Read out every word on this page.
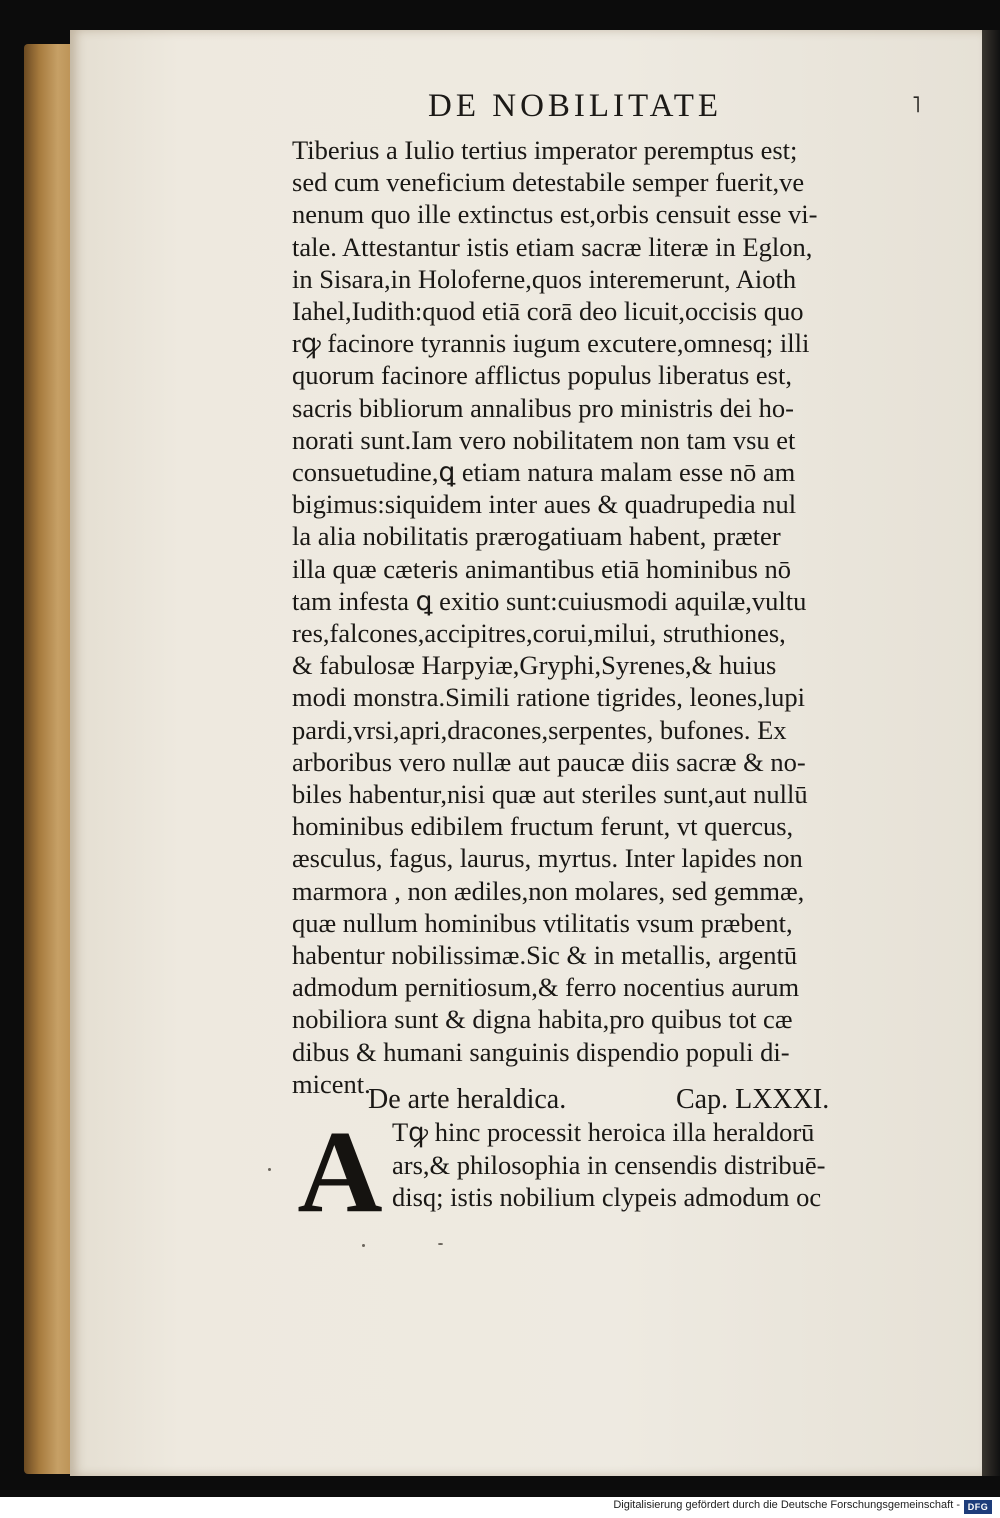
DE NOBILITATE	˥
Tiberius a Iulio tertius imperator peremptus est;
sed cum veneficium detestabile semper fuerit,ve
nenum quo ille extinctus est,orbis censuit esse vi-
tale. Attestantur istis etiam sacræ literæ in Eglon,
in Sisara,in Holoferne,quos interemerunt, Aioth
Iahel,Iudith:quod etiā corā deo licuit,occisis quo
rꝙ facinore tyrannis iugum excutere,omnesq; illi
quorum facinore afflictus populus liberatus est,
sacris bibliorum annalibus pro ministris dei ho-
norati sunt.Iam vero nobilitatem non tam vsu et
consuetudine,ꝗ etiam natura malam esse nō am
bigimus:siquidem inter aues & quadrupedia nul
la alia nobilitatis prærogatiuam habent, præter
illa quæ cæteris animantibus etiā hominibus nō
tam infesta ꝗ exitio sunt:cuiusmodi aquilæ,vultu
res,falcones,accipitres,corui,milui, struthiones,
& fabulosæ Harpyiæ,Gryphi,Syrenes,& huius
modi monstra.Simili ratione tigrides, leones,lupi
pardi,vrsi,apri,dracones,serpentes, bufones. Ex
arboribus vero nullæ aut paucæ diis sacræ & no-
biles habentur,nisi quæ aut steriles sunt,aut nullū
hominibus edibilem fructum ferunt, vt quercus,
æsculus, fagus, laurus, myrtus. Inter lapides non
marmora , non ædiles,non molares, sed gemmæ,
quæ nullum hominibus vtilitatis vsum præbent,
habentur nobilissimæ.Sic & in metallis, argentū
admodum pernitiosum,& ferro nocentius aurum
nobiliora sunt & digna habita,pro quibus tot cæ
dibus & humani sanguinis dispendio populi di-
micent.
De arte heraldica.	Cap. LXXXI.
A Tꝙ hinc processit heroica illa heraldorū
ars,& philosophia in censendis distribuē-
disq; istis nobilium clypeis admodum oc
Digitalisierung gefördert durch die Deutsche Forschungsgemeinschaft - DFG
